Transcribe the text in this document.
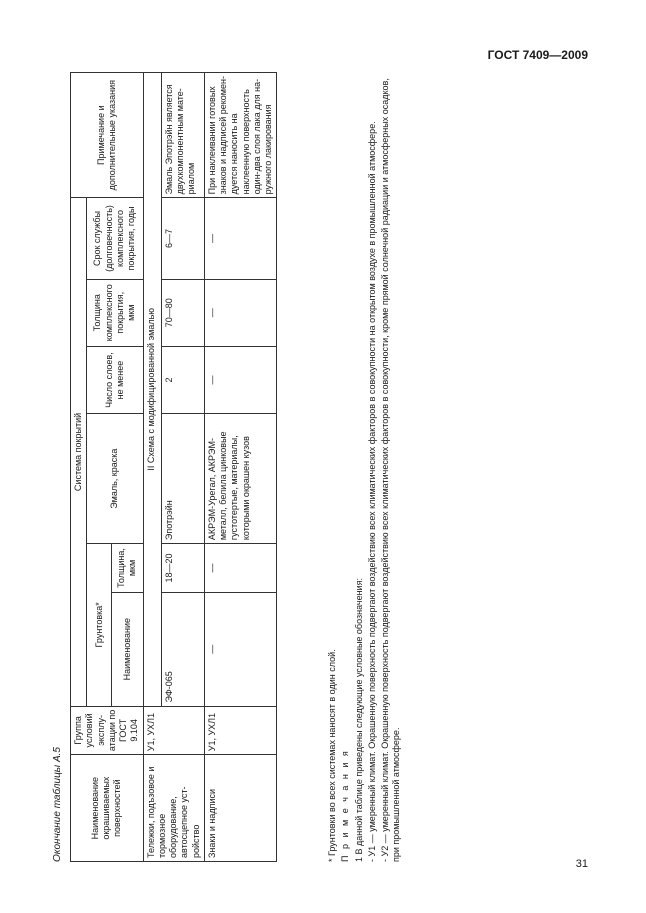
ГОСТ 7409—2009
Окончание таблицы А.5	Наименование окрашиваемых поверхностей	Группа условий эксплуатации по ГОСТ 9.104	Система покрытий						Примечание и дополнительные указания
		Грунтовка*		Эмаль, краска	Число слоев, не менее	Толщина комплексного покрытия, мкм	Срок службы (долговечность) комплексного покрытия, годы	
		Наименование	Толщина, мкм					
Тележки, подъзовое и тормозное оборудование, автосцепное устройство	У1, УХЛ1	II Схема с модифицированной эмалью						
		ЭФ-065	18—20	Эпотрэйн	2	70—80	6—7	Эмаль Эпотрэйн является двухкомпонентным материалом
Знаки и надписи	У1, УХЛ1	—	—	АКРЭМ-Урегал, АКРЭМ-металл, белила цинковые густотертые, материалы, которыми окрашен кузов	—	—	—	При наклеивании готовых знаков и надписей рекомендуется наносить на наклеенную поверхность один-два слоя лака для наружного лакирования

* Грунтовки во всех системах наносят в один слой. П р и м е ч а н и я 1 В данной таблице приведены следующие условные обозначения: - У1 — умеренный климат. Окрашенную поверхность подвергают воздействию всех климатических факторов в совокупности на открытом воздухе в промышленной атмосфере. - У2 — умеренный климат. Окрашенную поверхность подвергают воздействию всех климатических факторов в совокупности, кроме прямой солнечной радиации и атмосферных осадков, при промышленной атмосфере.

31
